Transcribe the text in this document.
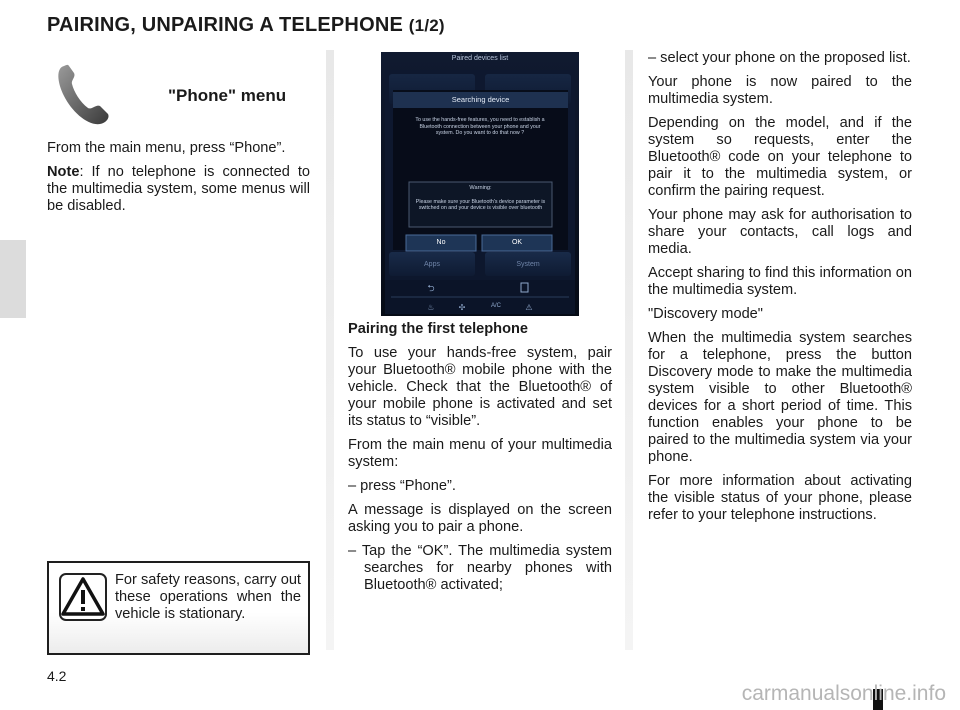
PAIRING, UNPAIRING A TELEPHONE (1/2)
"Phone" menu

From the main menu, press “Phone”.

Note: If no telephone is connected to the multimedia system, some menus will be disabled.

For safety reasons, carry out these operations when the vehicle is stationary.
⮌
♨	✣	⚠
Paired devices list
Searching device
To use the hands-free features, you need to establish a Bluetooth connection between your phone and your system. Do you want to do that now ?
Warning:
Please make sure your Bluetooth's device parameter is switched on and your device is visible over bluetooth
No	OK
Apps	System
A/C

Pairing the first telephone

To use your hands-free system, pair your Bluetooth® mobile phone with the vehicle. Check that the Bluetooth® of your mobile phone is activated and set its status to “visible”.

From the main menu of your multimedia system:

– press “Phone”.

A message is displayed on the screen asking you to pair a phone.

– Tap the “OK”. The multimedia system searches for nearby phones with Bluetooth® activated;

– select your phone on the proposed list.

Your phone is now paired to the multimedia system.

Depending on the model, and if the system so requests, enter the Bluetooth® code on your telephone to pair it to the multimedia system, or confirm the pairing request.

Your phone may ask for authorisation to share your contacts, call logs and media.

Accept sharing to find this information on the multimedia system.

"Discovery mode"

When the multimedia system searches for a telephone, press the button Discovery mode to make the multimedia system visible to other Bluetooth® devices for a short period of time. This function enables your phone to be paired to the multimedia system via your phone.

For more information about activating the visible status of your phone, please refer to your telephone instructions.

4.2
carmanualsonline.info
